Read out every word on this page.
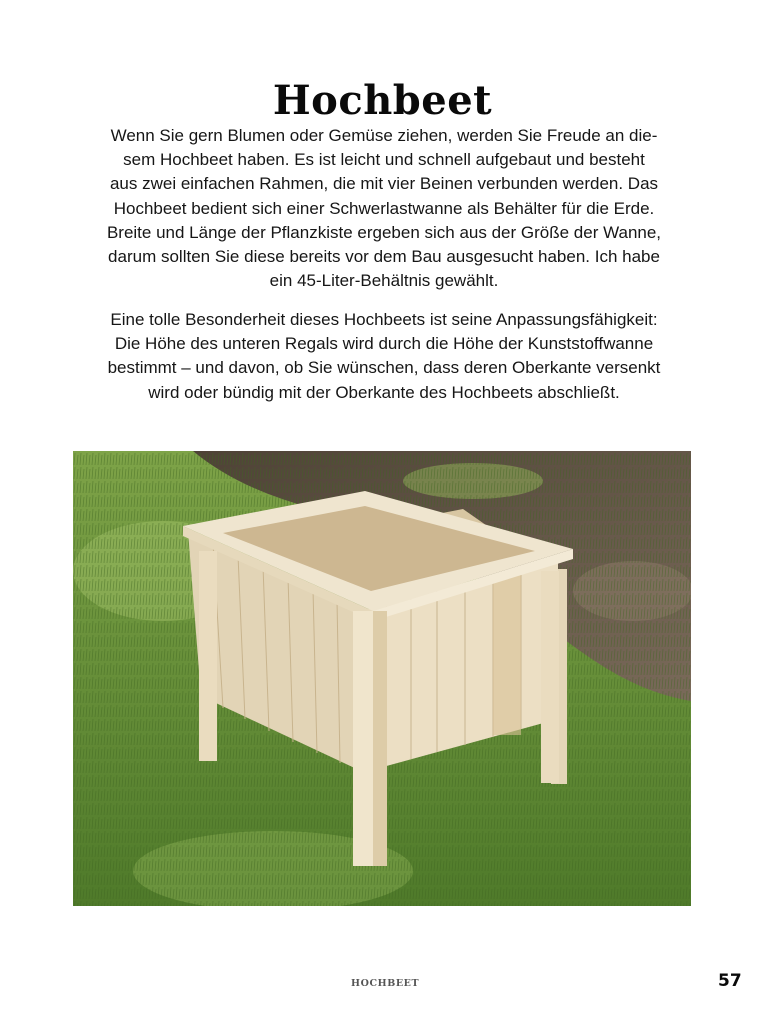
Hochbeet
Wenn Sie gern Blumen oder Gemüse ziehen, werden Sie Freude an die-
sem Hochbeet haben. Es ist leicht und schnell aufgebaut und besteht
aus zwei einfachen Rahmen, die mit vier Beinen verbunden werden. Das
Hochbeet bedient sich einer Schwerlastwanne als Behälter für die Erde.
Breite und Länge der Pflanzkiste ergeben sich aus der Größe der Wanne,
darum sollten Sie diese bereits vor dem Bau ausgesucht haben. Ich habe
ein 45-Liter-Behältnis gewählt.
Eine tolle Besonderheit dieses Hochbeets ist seine Anpassungsfähigkeit:
Die Höhe des unteren Regals wird durch die Höhe der Kunststoffwanne
bestimmt – und davon, ob Sie wünschen, dass deren Oberkante versenkt
wird oder bündig mit der Oberkante des Hochbeets abschließt.
HOCHBEET	57
